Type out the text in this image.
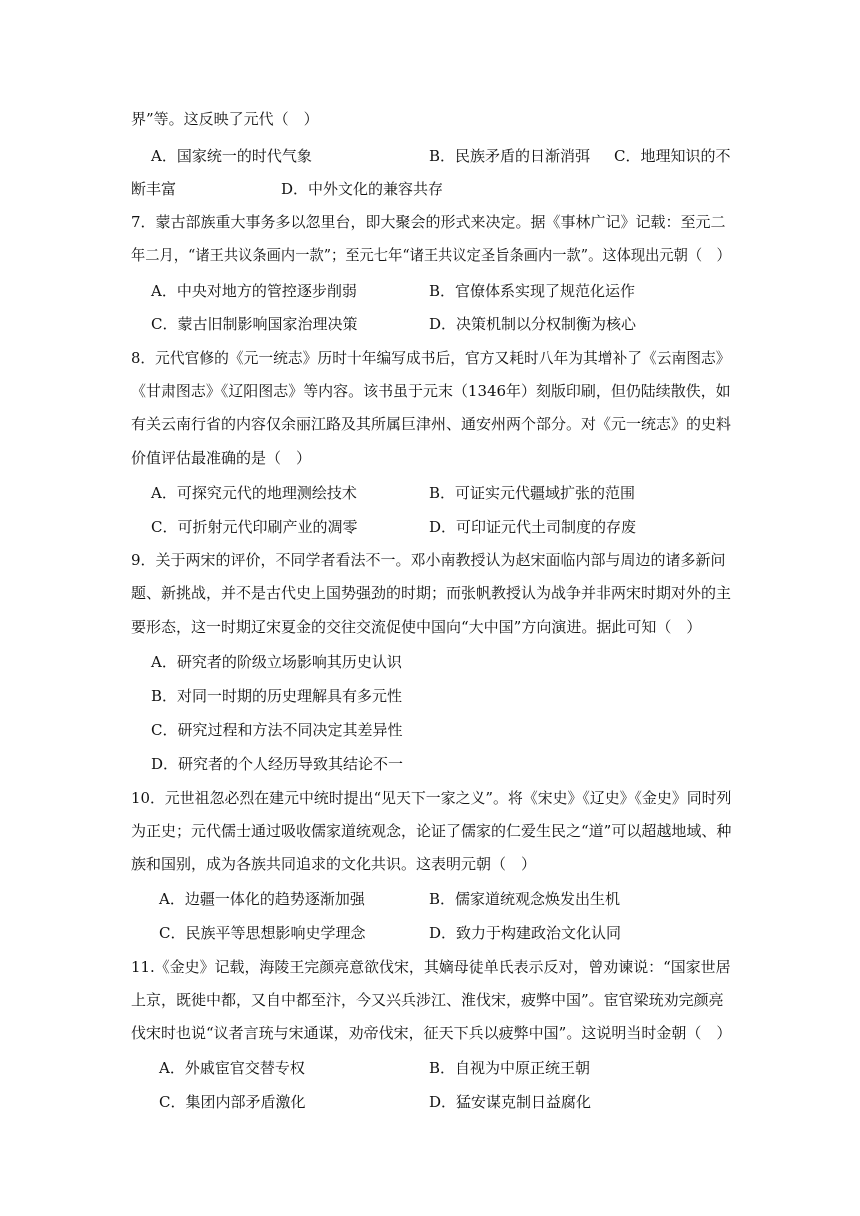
界”等。这反映了元代（　）
A．国家统一的时代气象	B．民族矛盾的日渐消弭 C．地理知识的不
断丰富	D．中外文化的兼容共存
7．蒙古部族重大事务多以忽里台，即大聚会的形式来决定。据《事林广记》记载：至元二
年二月，“诸王共议条画内一款”；至元七年“诸王共议定圣旨条画内一款”。这体现出元朝（　）
A．中央对地方的管控逐步削弱	B．官僚体系实现了规范化运作
C．蒙古旧制影响国家治理决策	D．决策机制以分权制衡为核心
8．元代官修的《元一统志》历时十年编写成书后，官方又耗时八年为其增补了《云南图志》
《甘肃图志》《辽阳图志》等内容。该书虽于元末（1346年）刻版印刷，但仍陆续散佚，如
有关云南行省的内容仅余丽江路及其所属巨津州、通安州两个部分。对《元一统志》的史料
价值评估最准确的是（　）
A．可探究元代的地理测绘技术	B．可证实元代疆域扩张的范围
C．可折射元代印刷产业的凋零	D．可印证元代土司制度的存废
9．关于两宋的评价，不同学者看法不一。邓小南教授认为赵宋面临内部与周边的诸多新问
题、新挑战，并不是古代史上国势强劲的时期；而张帆教授认为战争并非两宋时期对外的主
要形态，这一时期辽宋夏金的交往交流促使中国向“大中国”方向演进。据此可知（　）
A．研究者的阶级立场影响其历史认识
B．对同一时期的历史理解具有多元性
C．研究过程和方法不同决定其差异性
D．研究者的个人经历导致其结论不一
10．元世祖忽必烈在建元中统时提出“见天下一家之义”。将《宋史》《辽史》《金史》同时列
为正史；元代儒士通过吸收儒家道统观念，论证了儒家的仁爱生民之“道”可以超越地域、种
族和国别，成为各族共同追求的文化共识。这表明元朝（　）
A．边疆一体化的趋势逐渐加强	B．儒家道统观念焕发出生机
C．民族平等思想影响史学理念	D．致力于构建政治文化认同
11.《金史》记载，海陵王完颜亮意欲伐宋，其嫡母徒单氏表示反对，曾劝谏说：“国家世居
上京，既徙中都，又自中都至汴，今又兴兵涉江、淮伐宋，疲弊中国”。宦官梁珫劝完颜亮
伐宋时也说“议者言珫与宋通谋，劝帝伐宋，征天下兵以疲弊中国”。这说明当时金朝（　）
A．外戚宦官交替专权	B．自视为中原正统王朝
C．集团内部矛盾激化	D．猛安谋克制日益腐化
